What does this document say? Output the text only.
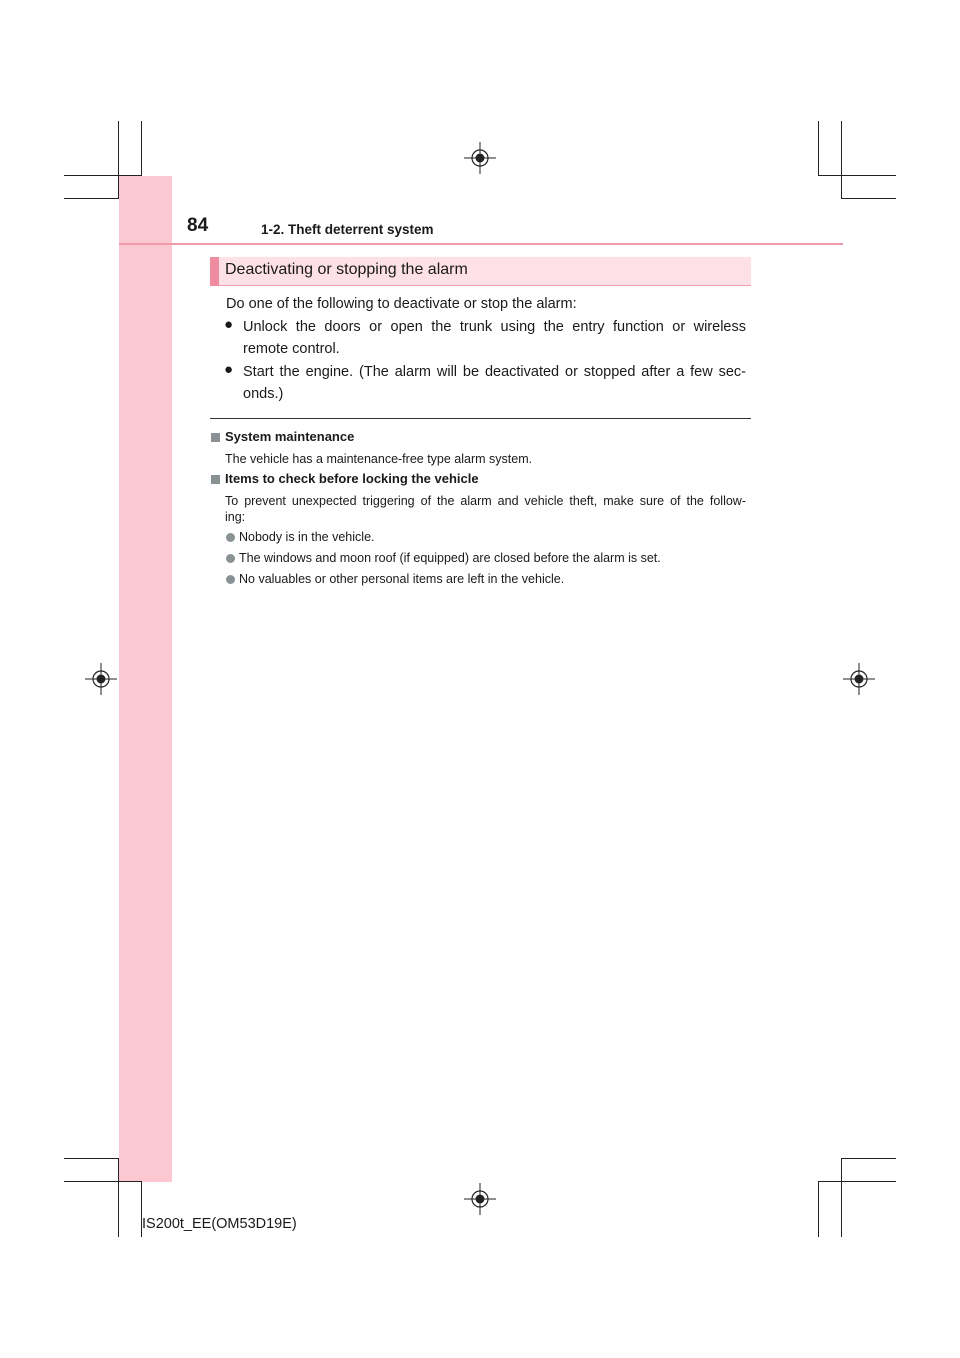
84	1-2. Theft deterrent system
Deactivating or stopping the alarm
Do one of the following to deactivate or stop the alarm:
● Unlock the doors or open the trunk using the entry function or wireless
remote control.
● Start the engine. (The alarm will be deactivated or stopped after a few sec-
onds.)
System maintenance
The vehicle has a maintenance-free type alarm system.
Items to check before locking the vehicle
To prevent unexpected triggering of the alarm and vehicle theft, make sure of the follow-
ing:
Nobody is in the vehicle.
The windows and moon roof (if equipped) are closed before the alarm is set.
No valuables or other personal items are left in the vehicle.
IS200t_EE(OM53D19E)
